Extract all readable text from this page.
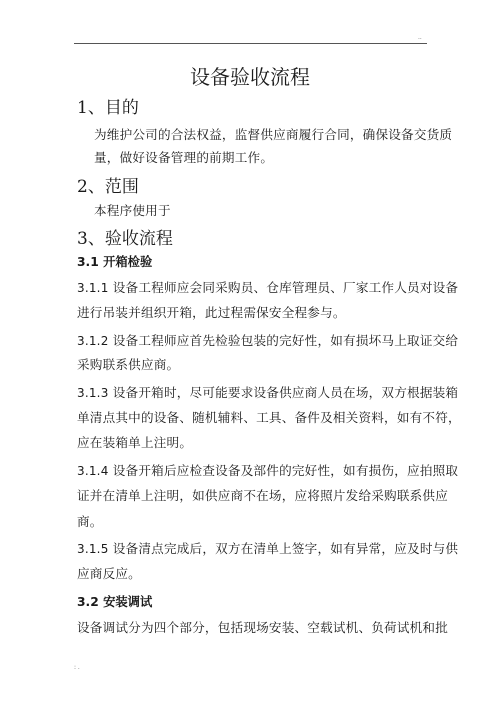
..
设备验收流程
1、目的
为维护公司的合法权益，监督供应商履行合同，确保设备交货质
量，做好设备管理的前期工作。
2、范围
本程序使用于
3、验收流程
3.1 开箱检验
3.1.1 设备工程师应会同采购员、仓库管理员、厂家工作人员对设备
进行吊装并组织开箱，此过程需保安全程参与。
3.1.2 设备工程师应首先检验包装的完好性，如有损坏马上取证交给
采购联系供应商。
3.1.3 设备开箱时，尽可能要求设备供应商人员在场，双方根据装箱
单清点其中的设备、随机辅料、工具、备件及相关资料，如有不符，
应在装箱单上注明。
3.1.4 设备开箱后应检查设备及部件的完好性，如有损伤，应拍照取
证并在清单上注明，如供应商不在场，应将照片发给采购联系供应
商。
3.1.5 设备清点完成后，双方在清单上签字，如有异常，应及时与供
应商反应。
3.2 安装调试
设备调试分为四个部分，包括现场安装、空载试机、负荷试机和批
: .
